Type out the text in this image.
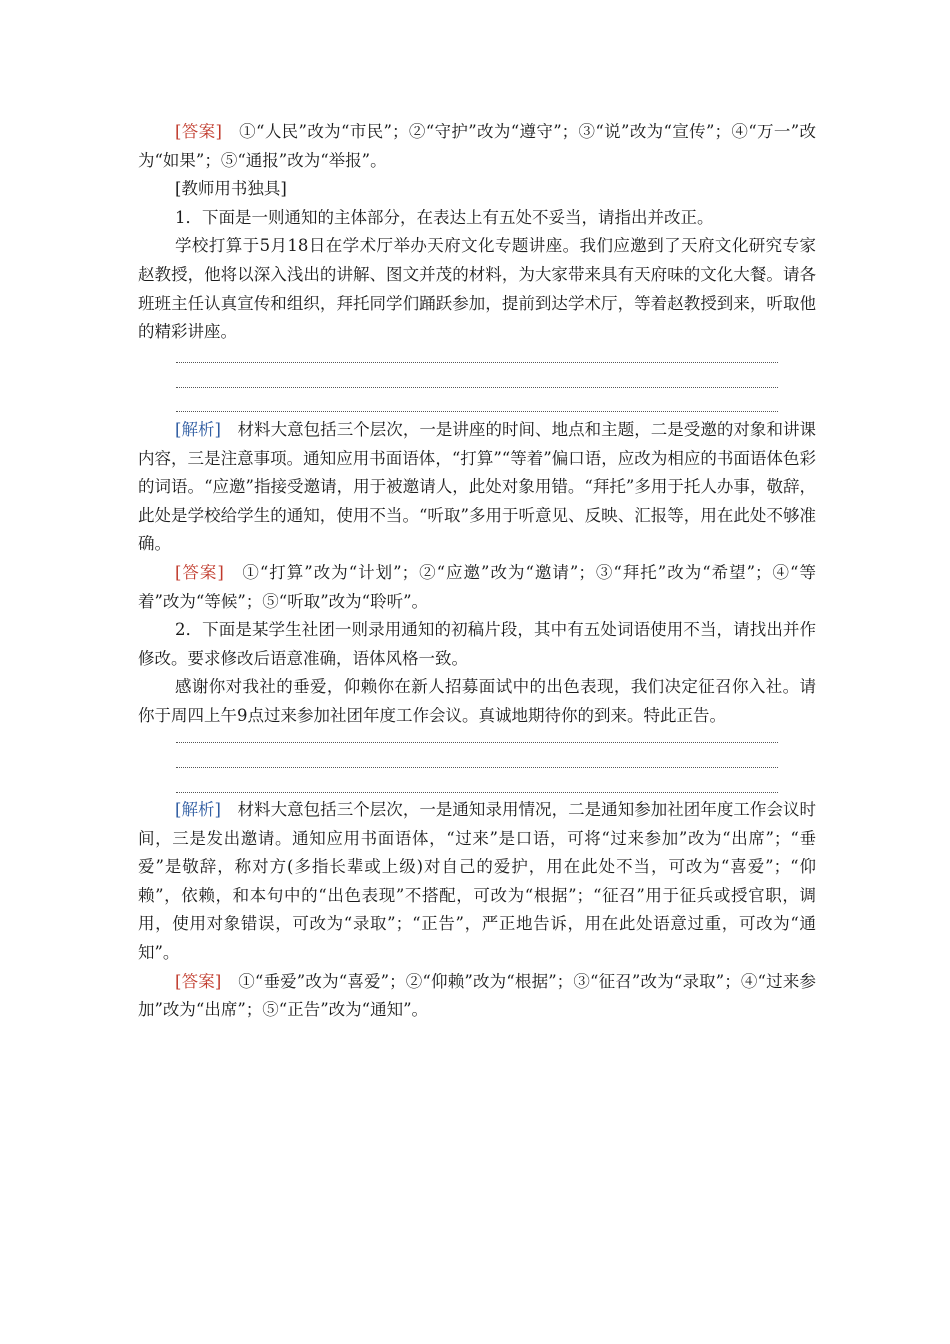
[答案]　①“人民”改为“市民”；②“守护”改为“遵守”；③“说”改为“宣传”；④“万一”改为“如果”；⑤“通报”改为“举报”。

[教师用书独具]

1．下面是一则通知的主体部分，在表达上有五处不妥当，请指出并改正。

学校打算于5月18日在学术厅举办天府文化专题讲座。我们应邀到了天府文化研究专家赵教授，他将以深入浅出的讲解、图文并茂的材料，为大家带来具有天府味的文化大餐。请各班班主任认真宣传和组织，拜托同学们踊跃参加，提前到达学术厅，等着赵教授到来，听取他的精彩讲座。

[解析]　材料大意包括三个层次，一是讲座的时间、地点和主题，二是受邀的对象和讲课内容，三是注意事项。通知应用书面语体，“打算”“等着”偏口语，应改为相应的书面语体色彩的词语。“应邀”指接受邀请，用于被邀请人，此处对象用错。“拜托”多用于托人办事，敬辞，此处是学校给学生的通知，使用不当。“听取”多用于听意见、反映、汇报等，用在此处不够准确。

[答案]　①“打算”改为“计划”；②“应邀”改为“邀请”；③“拜托”改为“希望”；④“等着”改为“等候”；⑤“听取”改为“聆听”。

2．下面是某学生社团一则录用通知的初稿片段，其中有五处词语使用不当，请找出并作修改。要求修改后语意准确，语体风格一致。

感谢你对我社的垂爱，仰赖你在新人招募面试中的出色表现，我们决定征召你入社。请你于周四上午9点过来参加社团年度工作会议。真诚地期待你的到来。特此正告。

[解析]　材料大意包括三个层次，一是通知录用情况，二是通知参加社团年度工作会议时间，三是发出邀请。通知应用书面语体，“过来”是口语，可将“过来参加”改为“出席”；“垂爱”是敬辞，称对方(多指长辈或上级)对自己的爱护，用在此处不当，可改为“喜爱”；“仰赖”，依赖，和本句中的“出色表现”不搭配，可改为“根据”；“征召”用于征兵或授官职，调用，使用对象错误，可改为“录取”；“正告”，严正地告诉，用在此处语意过重，可改为“通知”。

[答案]　①“垂爱”改为“喜爱”；②“仰赖”改为“根据”；③“征召”改为“录取”；④“过来参加”改为“出席”；⑤“正告”改为“通知”。
